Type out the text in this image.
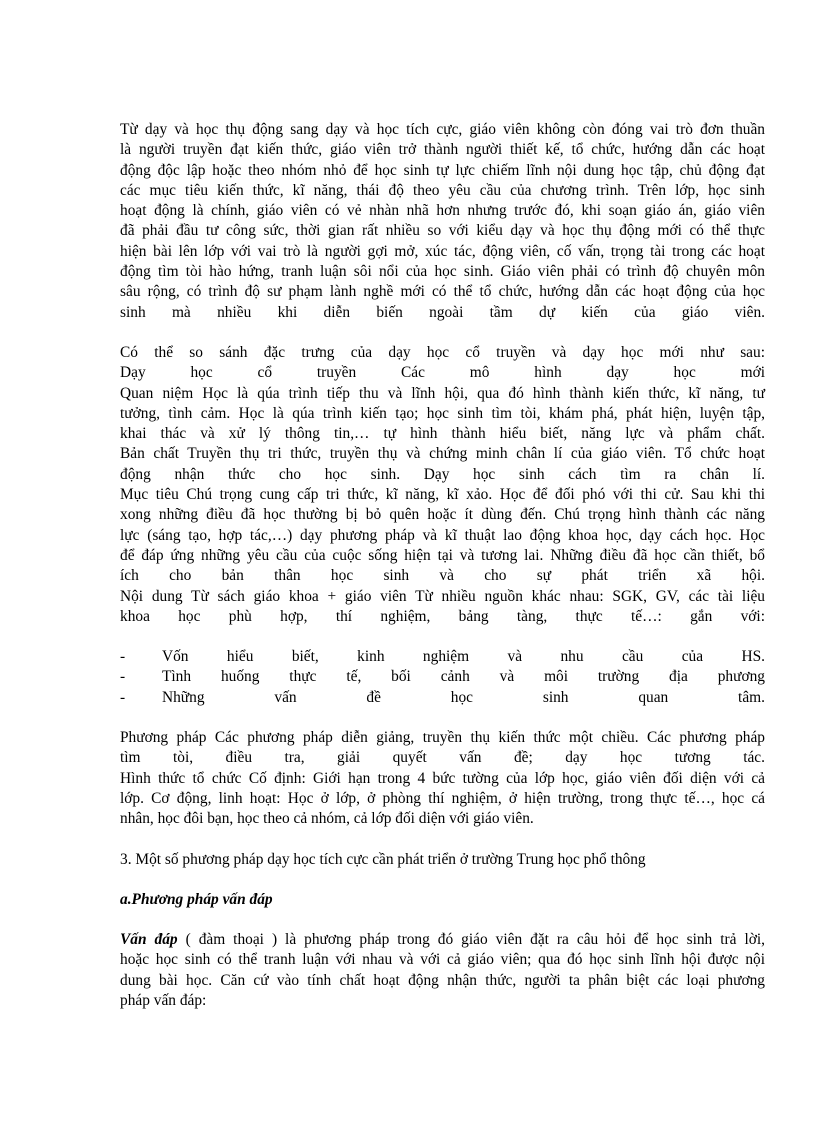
Từ dạy và học thụ động sang dạy và học tích cực, giáo viên không còn đóng vai trò đơn thuần
là người truyền đạt kiến thức, giáo viên trở thành người thiết kế, tổ chức, hướng dẫn các hoạt
động độc lập hoặc theo nhóm nhỏ để học sinh tự lực chiếm lĩnh nội dung học tập, chủ động đạt
các mục tiêu kiến thức, kĩ năng, thái độ theo yêu cầu của chương trình. Trên lớp, học sinh
hoạt động là chính, giáo viên có vẻ nhàn nhã hơn nhưng trước đó, khi soạn giáo án, giáo viên
đã phải đầu tư công sức, thời gian rất nhiều so với kiểu dạy và học thụ động mới có thể thực
hiện bài lên lớp với vai trò là người gợi mở, xúc tác, động viên, cố vấn, trọng tài trong các hoạt
động tìm tòi hào hứng, tranh luận sôi nổi của học sinh. Giáo viên phải có trình độ chuyên môn
sâu rộng, có trình độ sư phạm lành nghề mới có thể tổ chức, hướng dẫn các hoạt động của học
sinh mà nhiều khi diễn biến ngoài tầm dự kiến của giáo viên.
Có thể so sánh đặc trưng của dạy học cổ truyền và dạy học mới như sau:
Dạy học cổ truyền Các mô hình dạy học mới
Quan niệm Học là qúa trình tiếp thu và lĩnh hội, qua đó hình thành kiến thức, kĩ năng, tư
tưởng, tình cảm. Học là qúa trình kiến tạo; học sinh tìm tòi, khám phá, phát hiện, luyện tập,
khai thác và xử lý thông tin,… tự hình thành hiểu biết, năng lực và phẩm chất.
Bản chất Truyền thụ tri thức, truyền thụ và chứng minh chân lí của giáo viên. Tổ chức hoạt
động nhận thức cho học sinh. Dạy học sinh cách tìm ra chân lí.
Mục tiêu Chú trọng cung cấp tri thức, kĩ năng, kĩ xảo. Học để đối phó với thi cử. Sau khi thi
xong những điều đã học thường bị bỏ quên hoặc ít dùng đến. Chú trọng hình thành các năng
lực (sáng tạo, hợp tác,…) dạy phương pháp và kĩ thuật lao động khoa học, dạy cách học. Học
để đáp ứng những yêu cầu của cuộc sống hiện tại và tương lai. Những điều đã học cần thiết, bổ
ích cho bản thân học sinh và cho sự phát triển xã hội.
Nội dung Từ sách giáo khoa + giáo viên Từ nhiều nguồn khác nhau: SGK, GV, các tài liệu
khoa học phù hợp, thí nghiệm, bảng tàng, thực tế…: gắn với:
-	Vốn hiểu biết, kinh nghiệm và nhu cầu của HS.
-	Tình huống thực tế, bối cảnh và môi trường địa phương
-	Những vấn đề học sinh quan tâm.
Phương pháp Các phương pháp diễn giảng, truyền thụ kiến thức một chiều. Các phương pháp
tìm tòi, điều tra, giải quyết vấn đề; dạy học tương tác.
Hình thức tổ chức Cố định: Giới hạn trong 4 bức tường của lớp học, giáo viên đối diện với cả
lớp. Cơ động, linh hoạt: Học ở lớp, ở phòng thí nghiệm, ở hiện trường, trong thực tế…, học cá
nhân, học đôi bạn, học theo cả nhóm, cả lớp đối diện với giáo viên.

3. Một số phương pháp dạy học tích cực cần phát triển ở trường Trung học phổ thông

a.Phương pháp vấn đáp

Vấn đáp ( đàm thoại ) là phương pháp trong đó giáo viên đặt ra câu hỏi để học sinh trả lời,
hoặc học sinh có thể tranh luận với nhau và với cả giáo viên; qua đó học sinh lĩnh hội được nội
dung bài học. Căn cứ vào tính chất hoạt động nhận thức, người ta phân biệt các loại phương
pháp vấn đáp:
